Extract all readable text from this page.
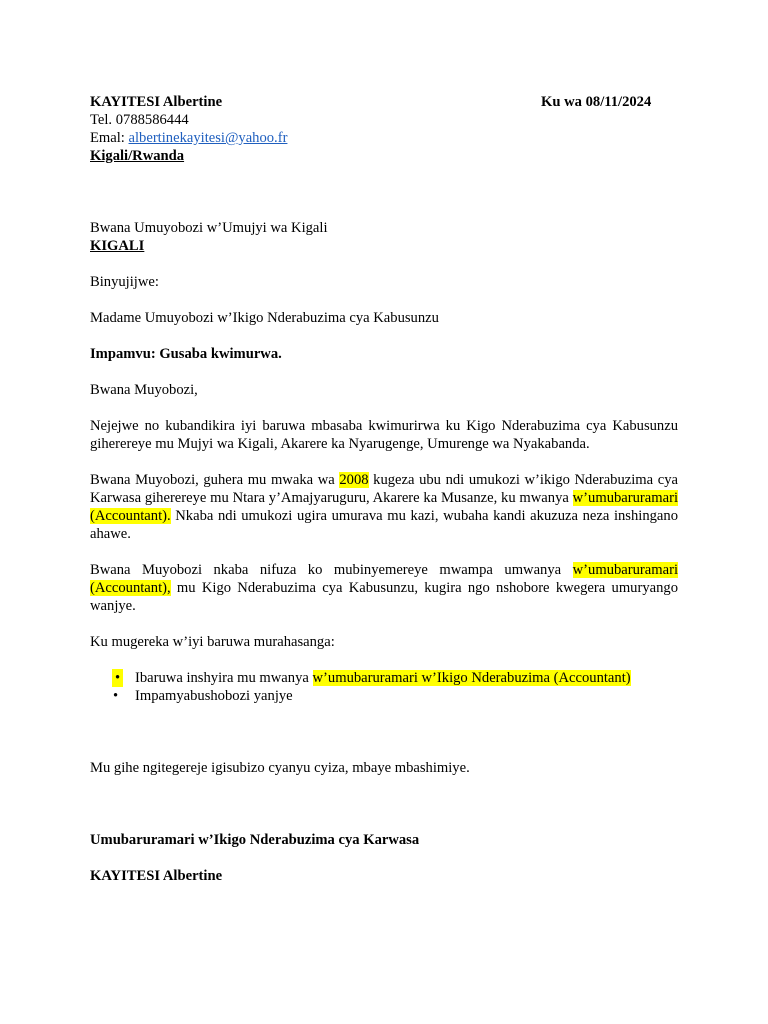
KAYITESI Albertine	Ku wa 08/11/2024
Tel. 0788586444
Emal: albertinekayitesi@yahoo.fr
Kigali/Rwanda
Bwana Umuyobozi w’Umujyi wa Kigali
KIGALI
Binyujijwe:
Madame Umuyobozi w’Ikigo Nderabuzima cya Kabusunzu
Impamvu: Gusaba kwimurwa.
Bwana Muyobozi,
Nejejwe no kubandikira iyi baruwa mbasaba kwimurirwa ku Kigo Nderabuzima cya Kabusunzu giherereye mu Mujyi wa Kigali, Akarere ka Nyarugenge, Umurenge wa Nyakabanda.
Bwana Muyobozi, guhera mu mwaka wa 2008 kugeza ubu ndi umukozi w’ikigo Nderabuzima cya Karwasa giherereye mu Ntara y’Amajyaruguru, Akarere ka Musanze, ku mwanya w’umubaruramari (Accountant). Nkaba ndi umukozi ugira umurava mu kazi, wubaha kandi akuzuza neza inshingano ahawe.
Bwana Muyobozi nkaba nifuza ko mubinyemereye mwampa umwanya w’umubaruramari (Accountant), mu Kigo Nderabuzima cya Kabusunzu, kugira ngo nshobore kwegera umuryango wanjye.
Ku mugereka w’iyi baruwa murahasanga:
• Ibaruwa inshyira mu mwanya w’umubaruramari w’Ikigo Nderabuzima (Accountant)
• Impamyabushobozi yanjye
Mu gihe ngitegereje igisubizo cyanyu cyiza, mbaye mbashimiye.
Umubaruramari w’Ikigo Nderabuzima cya Karwasa
KAYITESI Albertine
